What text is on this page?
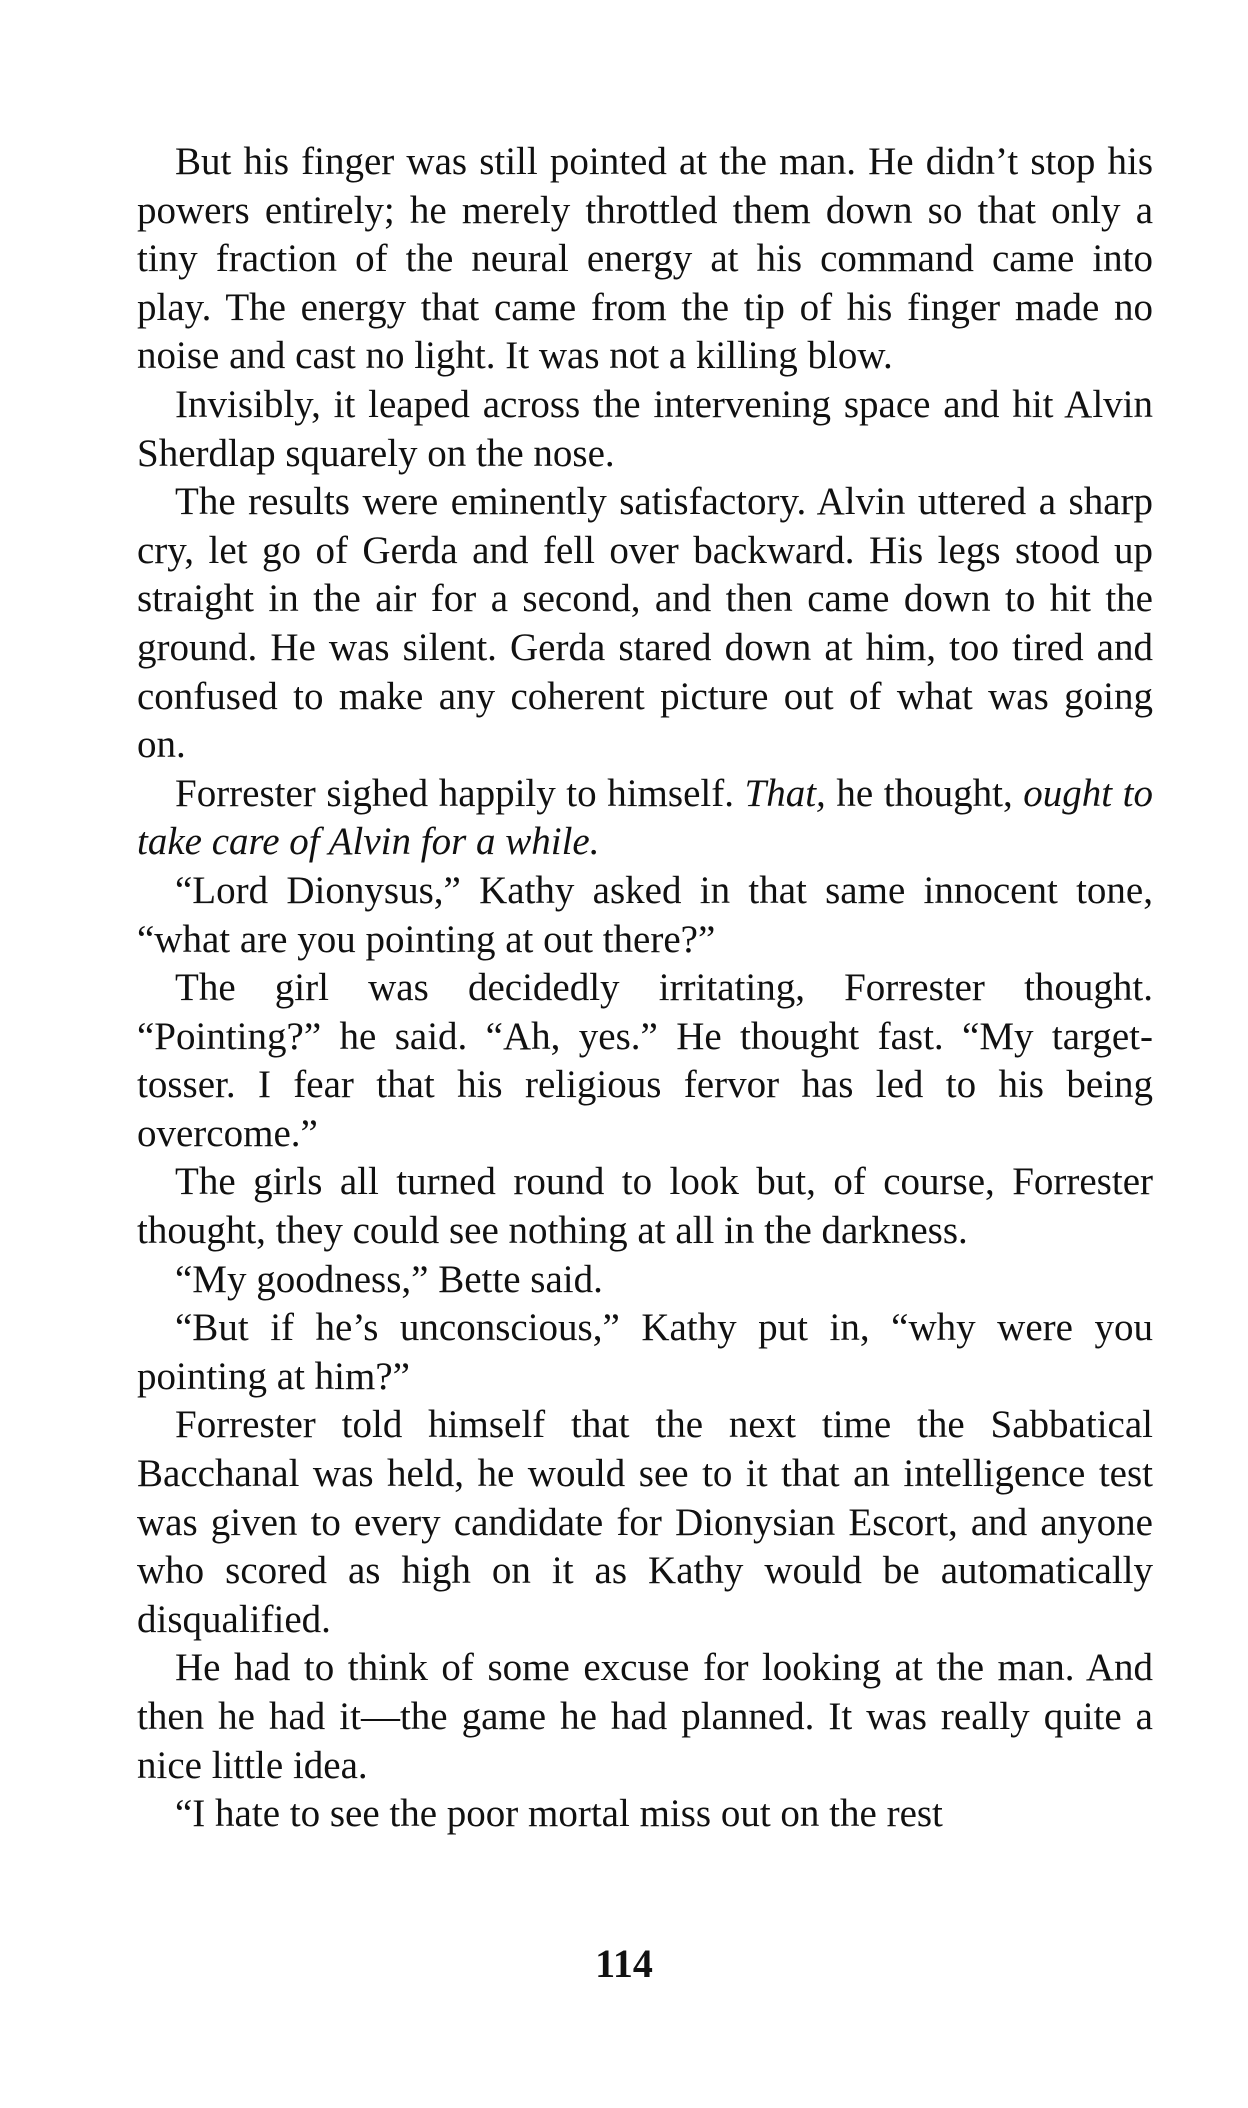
But his finger was still pointed at the man. He didn’t stop his powers entirely; he merely throttled them down so that only a tiny fraction of the neural energy at his command came into play. The energy that came from the tip of his finger made no noise and cast no light. It was not a killing blow.

Invisibly, it leaped across the intervening space and hit Alvin Sherdlap squarely on the nose.

The results were eminently satisfactory. Alvin uttered a sharp cry, let go of Gerda and fell over backward. His legs stood up straight in the air for a second, and then came down to hit the ground. He was silent. Gerda stared down at him, too tired and confused to make any coherent picture out of what was going on.

Forrester sighed happily to himself. That, he thought, ought to take care of Alvin for a while.

“Lord Dionysus,” Kathy asked in that same innocent tone, “what are you pointing at out there?”

The girl was decidedly irritating, Forrester thought. “Pointing?” he said. “Ah, yes.” He thought fast. “My target-tosser. I fear that his religious fervor has led to his being overcome.”

The girls all turned round to look but, of course, Forrester thought, they could see nothing at all in the darkness.

“My goodness,” Bette said.

“But if he’s unconscious,” Kathy put in, “why were you pointing at him?”

Forrester told himself that the next time the Sabbatical Bacchanal was held, he would see to it that an intelligence test was given to every candidate for Dionysian Escort, and anyone who scored as high on it as Kathy would be automatically disqualified.

He had to think of some excuse for looking at the man. And then he had it—the game he had planned. It was really quite a nice little idea.

“I hate to see the poor mortal miss out on the rest

114
